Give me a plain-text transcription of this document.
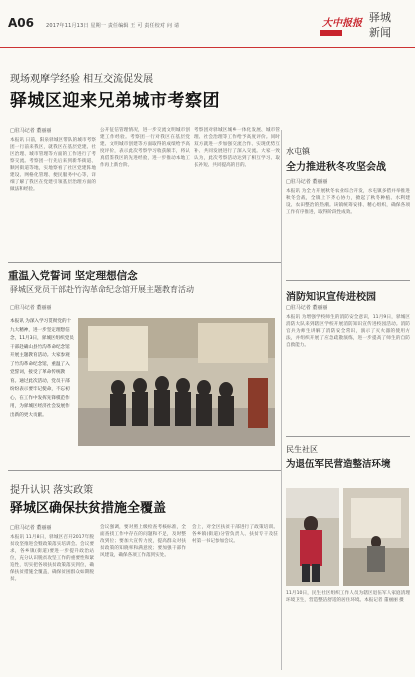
A06 2017年11月13日 星期一 责任编辑 王 可 责任校对 问 请	大中报报 驿城
新闻
现场观摩学经验 相互交流促发展
驿城区迎来兄弟城市考察团
□驻马记者 董丽丽
本报讯 日前，阳泉驿城区带队的城市考察团一行前来我区，就我区在基层党建、社区治理、城市管理等方面的工作进行了考察交流。考察团一行先后来到新华街道、顺河街道等地，实地察看了社区党建阵地建设、网格化管理、便民服务中心等，详细了解了我区在党建引领基层治理方面的做法和经验。
公开征信管理情况，进一步交流文明城市创建工作经验。考察团一行对我区在基层党建、文明城市创建等方面取得的成绩给予高度评价，表示此次考察学习收获颇丰，将认真借鉴我区的先进经验，进一步推动本地工作再上新台阶。
考察团对驿城区城乡一体化发展、城市管理、社会治理等工作给予高度评价。同时双方就进一步加强交流合作、实现优势互补、共同发展进行了深入交流。大家一致认为，此次考察活动达到了相互学习、取长补短、共同提高的目的。
重温入党誓词 坚定理想信念
驿城区党员干部赴竹沟革命纪念馆开展主题教育活动
□驻马记者 董丽丽
本报讯 为深入学习贯彻党的十九大精神，进一步坚定理想信念，11月3日，驿城区组织党员干部赴确山县竹沟革命纪念馆开展主题教育活动。大家参观了竹沟革命纪念馆，重温了入党誓词，接受了革命传统教育。通过此次活动，党员干部纷纷表示要牢记使命，不忘初心，在工作中发挥先锋模范作用，为驿城区经济社会发展作出新的更大贡献。
提升认识 落实政策
驿城区确保扶贫措施全覆盖
□驻马记者 董丽丽
本报讯 11月8日，驿城区召开2017年脱贫攻坚推进会暨政策落实培训会。会议要求，各乡镇(街道)要进一步提升政治站位，充分认识脱贫攻坚工作的重要性和紧迫性，切实把各项扶贫政策落实到位，确保扶贫措施全覆盖，确保贫困群众如期脱贫。
会议强调，要对照上级检查考核标准，全面查找工作中存在的问题和不足，及时整改到位；要加大宣传力度，提高群众对扶贫政策的知晓率和满意度；要加强干部作风建设，确保各项工作落到实处。
会上，对全区扶贫干部进行了政策培训。各乡镇(街道)分管负责人、扶贫专干及驻村第一书记参加会议。
水屯镇
全力推进秋冬攻坚会战
□驻马记者 董丽丽
本报讯 为全力开展秋冬农业综合开发，水屯镇多措并举推进秋冬会战，全镇上下齐心协力，掀起了秋冬种植、水利建设、农田整治的热潮。该镇统筹安排、精心组织，确保各项工作有序推进，取得阶段性成效。
消防知识宣传进校园
□驻马记者 董丽丽
本报讯 为增强学校师生的消防安全意识，11月9日，驿城区消防大队来到辖区学校开展消防知识宣传进校园活动。消防官兵为师生讲解了消防安全常识，演示了灭火器的使用方法，并组织开展了应急疏散演练，进一步提高了师生的自防自救能力。
民生社区
为退伍军民营造整洁环境
11月10日，民生社区组织工作人员为辖区退伍军人家庭清理环境卫生，营造整洁舒适的居住环境。本报记者 董丽丽 摄
